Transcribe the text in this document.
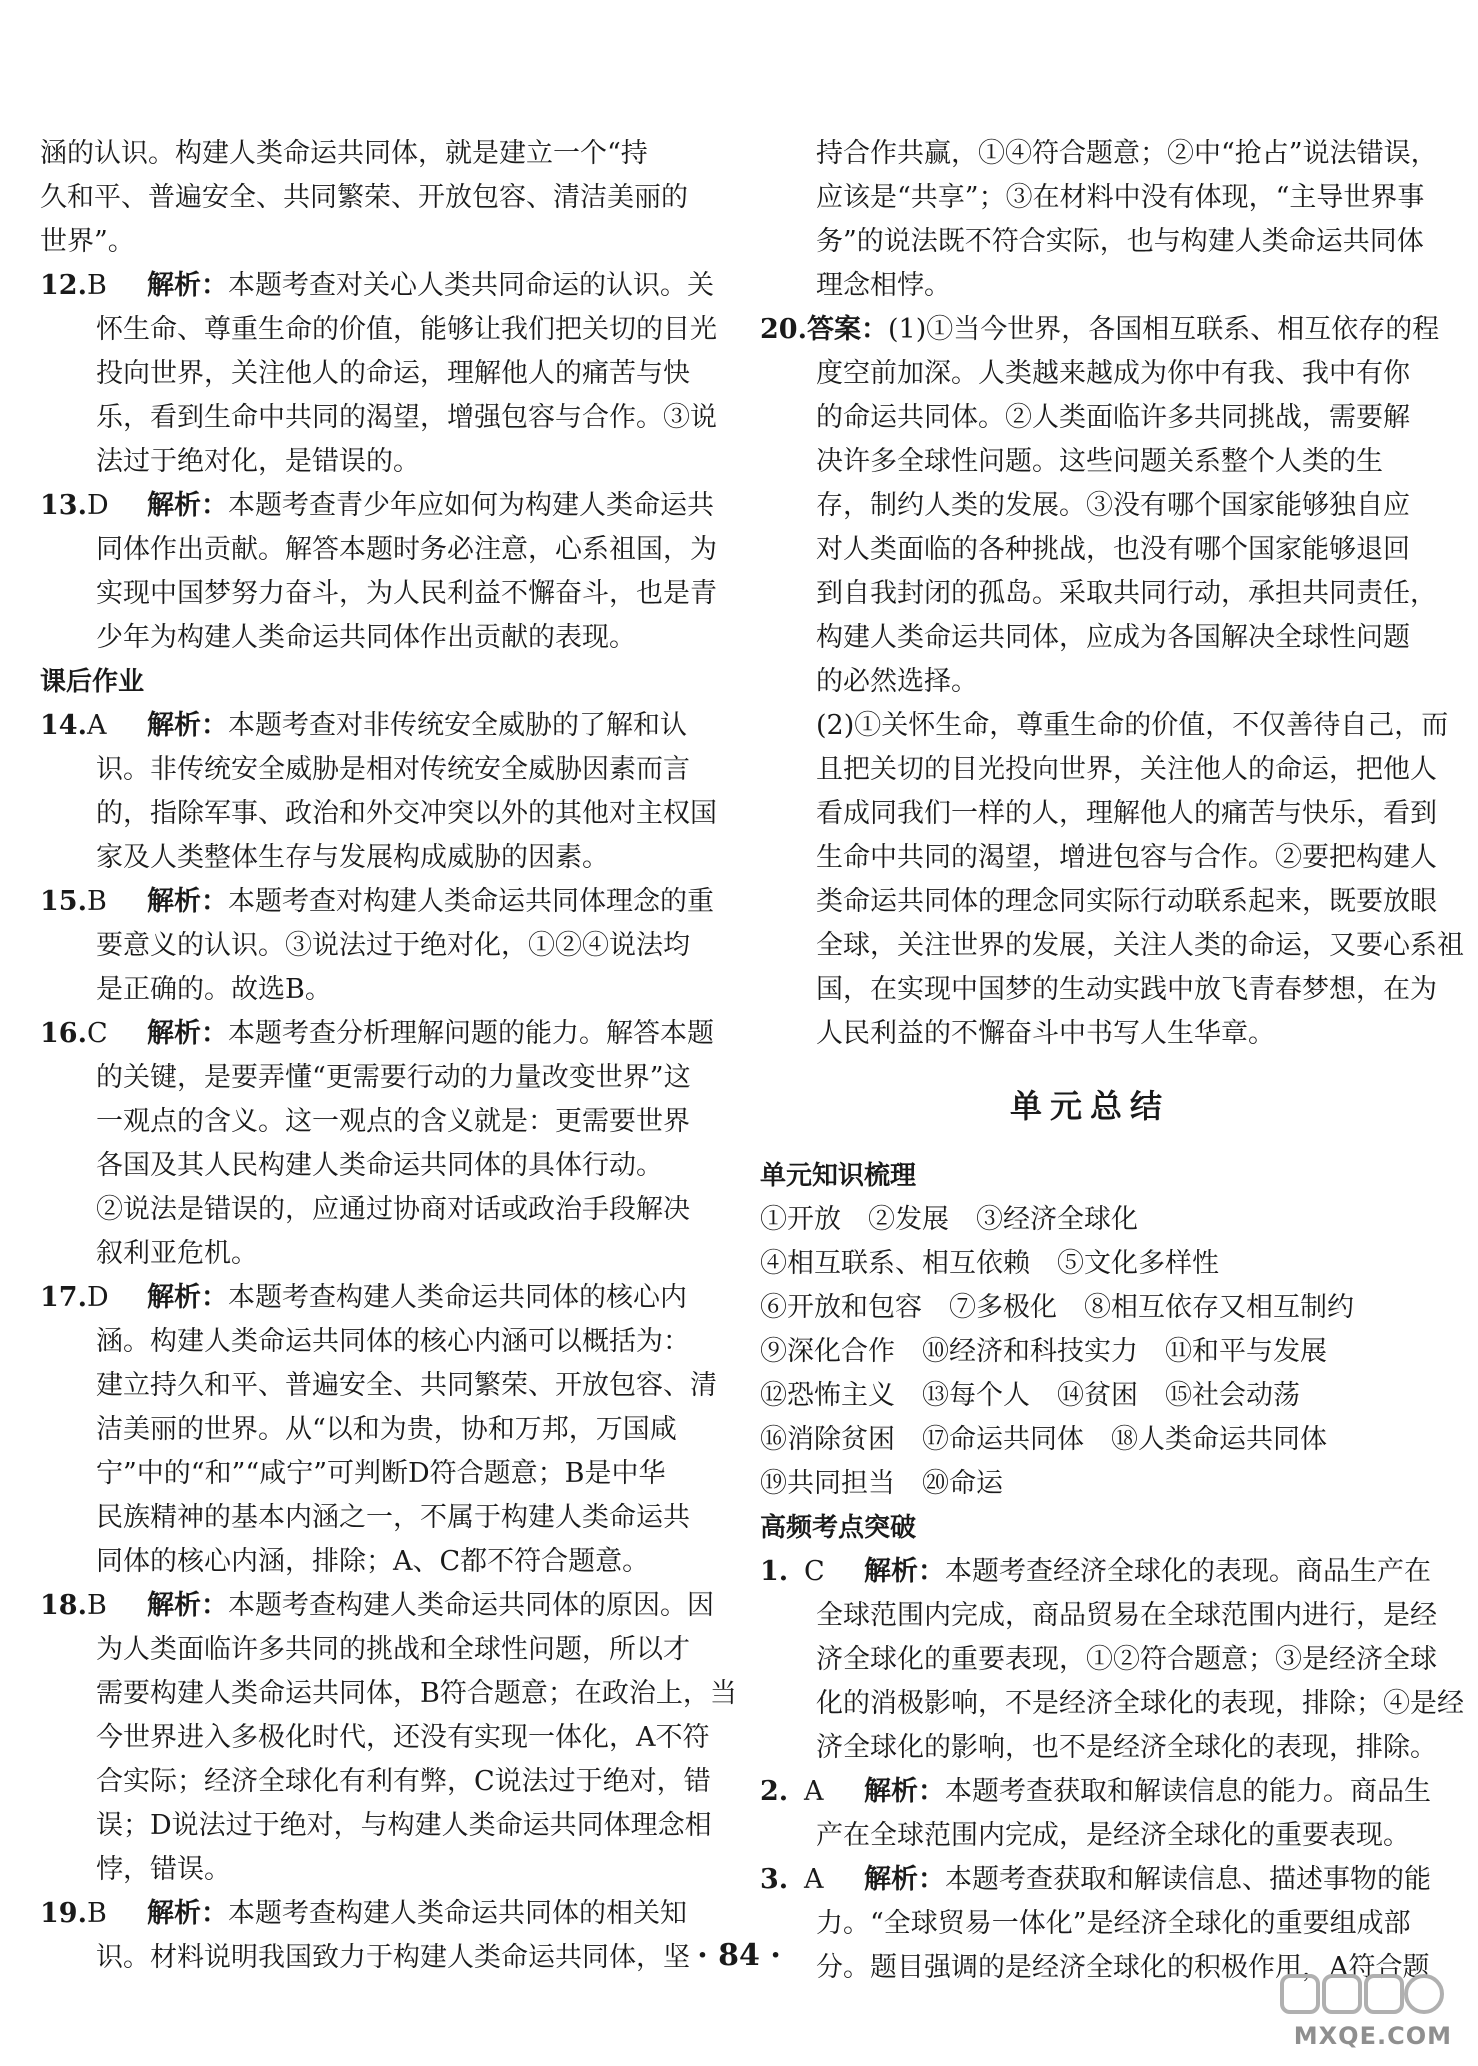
涵的认识。构建人类命运共同体，就是建立一个“持
久和平、普遍安全、共同繁荣、开放包容、清洁美丽的
世界”。
12.B 解析：本题考查对关心人类共同命运的认识。关
怀生命、尊重生命的价值，能够让我们把关切的目光
投向世界，关注他人的命运，理解他人的痛苦与快
乐，看到生命中共同的渴望，增强包容与合作。③说
法过于绝对化，是错误的。
13.D 解析：本题考查青少年应如何为构建人类命运共
同体作出贡献。解答本题时务必注意，心系祖国，为
实现中国梦努力奋斗，为人民利益不懈奋斗，也是青
少年为构建人类命运共同体作出贡献的表现。
课后作业
14.A 解析：本题考查对非传统安全威胁的了解和认
识。非传统安全威胁是相对传统安全威胁因素而言
的，指除军事、政治和外交冲突以外的其他对主权国
家及人类整体生存与发展构成威胁的因素。
15.B 解析：本题考查对构建人类命运共同体理念的重
要意义的认识。③说法过于绝对化，①②④说法均
是正确的。故选B。
16.C 解析：本题考查分析理解问题的能力。解答本题
的关键，是要弄懂“更需要行动的力量改变世界”这
一观点的含义。这一观点的含义就是：更需要世界
各国及其人民构建人类命运共同体的具体行动。
②说法是错误的，应通过协商对话或政治手段解决
叙利亚危机。
17.D 解析：本题考查构建人类命运共同体的核心内
涵。构建人类命运共同体的核心内涵可以概括为：
建立持久和平、普遍安全、共同繁荣、开放包容、清
洁美丽的世界。从“以和为贵，协和万邦，万国咸
宁”中的“和”“咸宁”可判断D符合题意；B是中华
民族精神的基本内涵之一，不属于构建人类命运共
同体的核心内涵，排除；A、C都不符合题意。
18.B 解析：本题考查构建人类命运共同体的原因。因
为人类面临许多共同的挑战和全球性问题，所以才
需要构建人类命运共同体，B符合题意；在政治上，当
今世界进入多极化时代，还没有实现一体化，A不符
合实际；经济全球化有利有弊，C说法过于绝对，错
误；D说法过于绝对，与构建人类命运共同体理念相
悖，错误。
19.B 解析：本题考查构建人类命运共同体的相关知
识。材料说明我国致力于构建人类命运共同体，坚
持合作共赢，①④符合题意；②中“抢占”说法错误，
应该是“共享”；③在材料中没有体现，“主导世界事
务”的说法既不符合实际，也与构建人类命运共同体
理念相悖。
20.答案：(1)①当今世界，各国相互联系、相互依存的程
度空前加深。人类越来越成为你中有我、我中有你
的命运共同体。②人类面临许多共同挑战，需要解
决许多全球性问题。这些问题关系整个人类的生
存，制约人类的发展。③没有哪个国家能够独自应
对人类面临的各种挑战，也没有哪个国家能够退回
到自我封闭的孤岛。采取共同行动，承担共同责任，
构建人类命运共同体，应成为各国解决全球性问题
的必然选择。
(2)①关怀生命，尊重生命的价值，不仅善待自己，而
且把关切的目光投向世界，关注他人的命运，把他人
看成同我们一样的人，理解他人的痛苦与快乐，看到
生命中共同的渴望，增进包容与合作。②要把构建人
类命运共同体的理念同实际行动联系起来，既要放眼
全球，关注世界的发展，关注人类的命运，又要心系祖
国，在实现中国梦的生动实践中放飞青春梦想，在为
人民利益的不懈奋斗中书写人生华章。
单元总结
单元知识梳理
①开放　②发展　③经济全球化
④相互联系、相互依赖　⑤文化多样性
⑥开放和包容　⑦多极化　⑧相互依存又相互制约
⑨深化合作　⑩经济和科技实力　⑪和平与发展
⑫恐怖主义　⑬每个人　⑭贫困　⑮社会动荡
⑯消除贫困　⑰命运共同体　⑱人类命运共同体
⑲共同担当　⑳命运
高频考点突破
1. C 解析：本题考查经济全球化的表现。商品生产在
全球范围内完成，商品贸易在全球范围内进行，是经
济全球化的重要表现，①②符合题意；③是经济全球
化的消极影响，不是经济全球化的表现，排除；④是经
济全球化的影响，也不是经济全球化的表现，排除。
2. A 解析：本题考查获取和解读信息的能力。商品生
产在全球范围内完成，是经济全球化的重要表现。
3. A 解析：本题考查获取和解读信息、描述事物的能
力。“全球贸易一体化”是经济全球化的重要组成部
分。题目强调的是经济全球化的积极作用，A符合题
· 84 ·
MXQE.COM
